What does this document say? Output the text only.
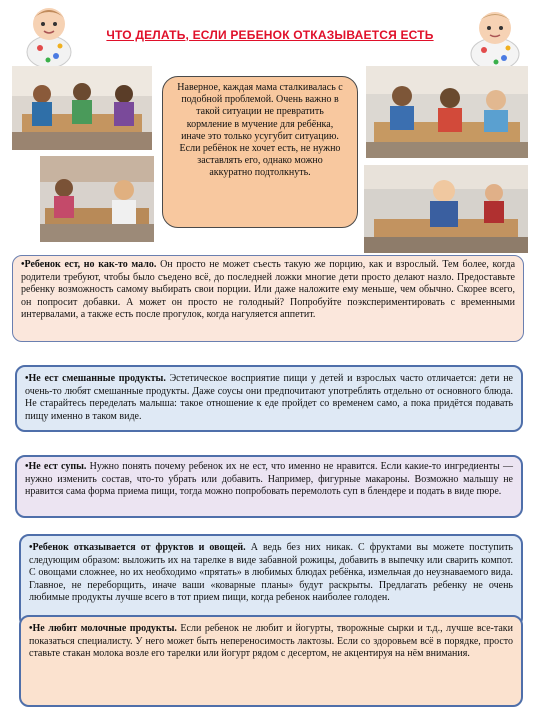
ЧТО ДЕЛАТЬ, ЕСЛИ РЕБЕНОК ОТКАЗЫВАЕТСЯ ЕСТЬ
Наверное, каждая мама сталкивалась с подобной проблемой. Очень важно в такой ситуации не превратить кормление в мучение для ребёнка, иначе это только усугубит ситуацию. Если ребёнок не хочет есть, не нужно заставлять его, однако можно аккуратно подтолкнуть.
•Ребенок ест, но как-то мало. Он просто не может съесть такую же порцию, как и взрослый. Тем более, когда родители требуют, чтобы было съедено всё, до последней ложки многие дети просто делают назло. Предоставьте ребенку возможность самому выбирать свои порции. Или даже наложите ему меньше, чем обычно. Скорее всего, он попросит добавки. А может он просто не голодный? Попробуйте поэкспериментировать с временными интервалами, а также есть после прогулок, когда нагуляется аппетит.
•Не ест смешанные продукты. Эстетическое восприятие пищи у детей и взрослых часто отличается: дети не очень-то любят смешанные продукты. Даже соусы они предпочитают употреблять отдельно от основного блюда. Не старайтесь переделать малыша: такое отношение к еде пройдет со временем само, а пока придётся подавать пищу именно в таком виде.
•Не ест супы. Нужно понять почему ребенок их не ест, что именно не нравится. Если какие-то ингредиенты — нужно изменить состав, что-то убрать или добавить. Например, фигурные макароны. Возможно малышу не нравится сама форма приема пищи, тогда можно попробовать перемолоть суп в блендере и подать в виде пюре.
•Ребенок отказывается от фруктов и овощей. А ведь без них никак. С фруктами вы можете поступить следующим образом: выложить их на тарелке в виде забавной рожицы, добавить в выпечку или сварить компот. С овощами сложнее, но их необходимо «прятать» в любимых блюдах ребёнка, измельчая до неузнаваемого вида. Главное, не переборщить, иначе ваши «коварные планы» будут раскрыты. Предлагать ребенку не очень любимые продукты лучше всего в тот прием пищи, когда ребенок наиболее голоден.
•Не любит молочные продукты. Если ребенок не любит и йогурты, творожные сырки и т.д., лучше все-таки показаться специалисту. У него может быть непереносимость лактозы. Если со здоровьем всё в порядке, просто ставьте стакан молока возле его тарелки или йогурт рядом с десертом, не акцентируя на нём внимания.
